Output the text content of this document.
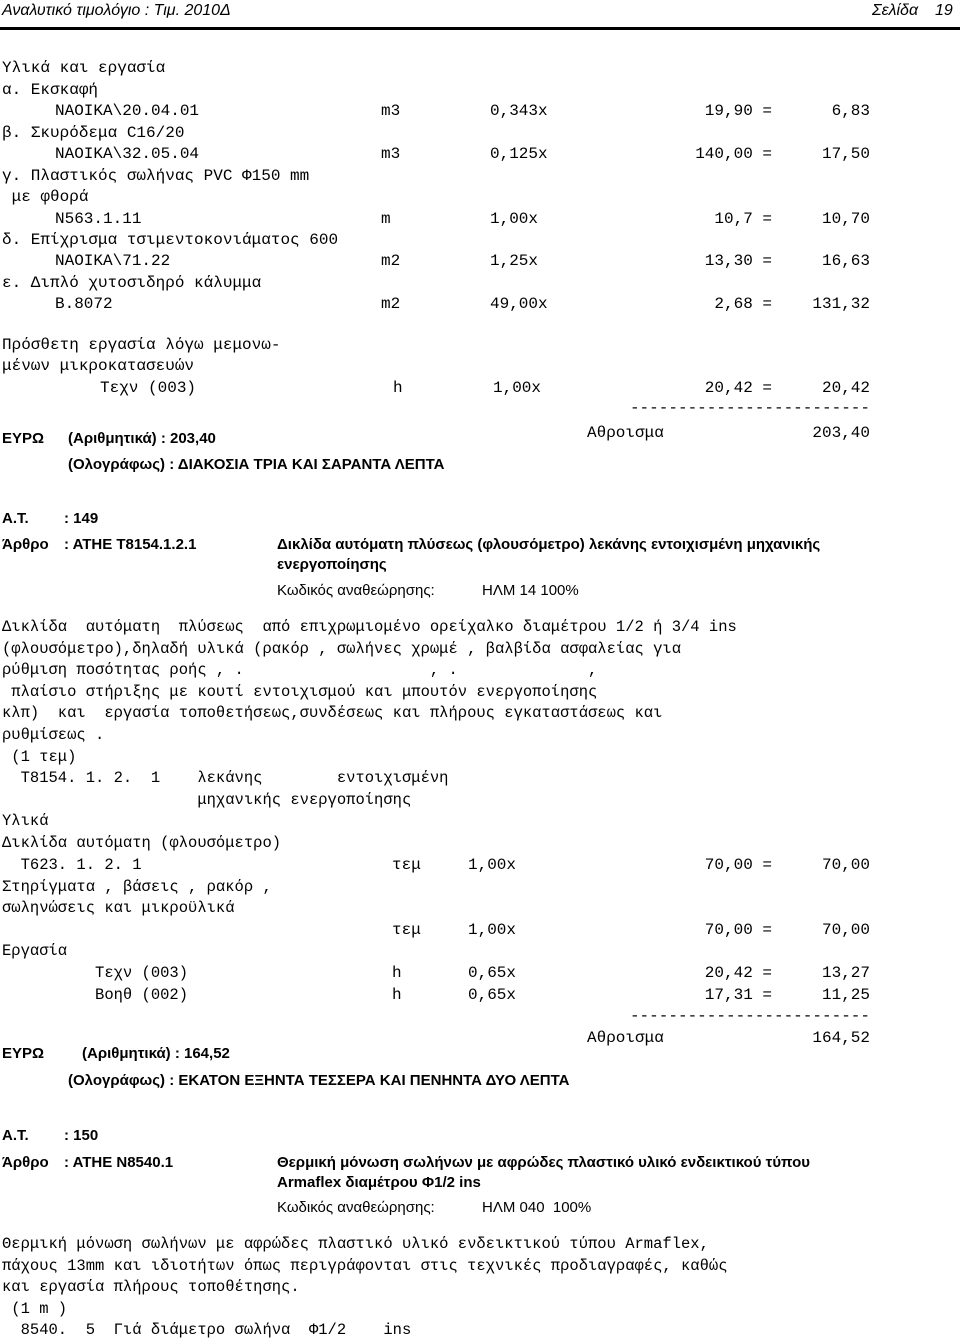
Αναλυτικό τιμολόγιο : Τιμ. 2010Δ	Σελίδα 19
Υλικά και εργασία
α. Εκσκαφή
ΝΑΟΙΚΑ\20.04.01	m3	0,343x	19,90 =	6,83
β. Σκυρόδεμα C16/20
ΝΑΟΙΚΑ\32.05.04	m3	0,125x	140,00 =	17,50
γ. Πλαστικός σωλήνας PVC Φ150 mm
με φθορά
Ν563.1.11	m	1,00x	10,7 =	10,70
δ. Επίχρισμα τσιμεντοκονιάματος 600
ΝΑΟΙΚΑ\71.22	m2	1,25x	13,30 =	16,63
ε. Διπλό χυτοσιδηρό κάλυμμα
Β.8072	m2	49,00x	2,68 =	131,32
Πρόσθετη εργασία λόγω μεμονω-
μένων μικροκατασευών
Τεχν (003)	h	1,00x	20,42 =	20,42
-------------------------
Αθροισμα	203,40
ΕΥΡΩ (Αριθμητικά) : 203,40
(Ολογράφως) : ΔΙΑΚΟΣΙΑ ΤΡΙΑ ΚΑΙ ΣΑΡΑΝΤΑ ΛΕΠΤΑ
Α.Τ. : 149
Άρθρο : ΑΤΗΕ Τ8154.1.2.1	Δικλίδα αυτόματη πλύσεως (φλουσόμετρο) λεκάνης εντοιχισμένη μηχανικής
ενεργοποίησης
Κωδικός αναθεώρησης:	ΗΛΜ 14 100%
Δικλίδα  αυτόματη  πλύσεως  από επιχρωμιομένο ορείχαλκο διαμέτρου 1/2 ή 3/4 ins
(φλουσόμετρο),δηλαδή υλικά (ρακόρ , σωλήνες χρωμέ , βαλβίδα ασφαλείας για
ρύθμιση ποσότητας ροής , .                    , .              ,
πλαίσιο στήριξης με κουτί εντοιχισμού και μπουτόν ενεργοποίησης
κλπ)  και  εργασία τοποθετήσεως,συνδέσεως και πλήρους εγκαταστάσεως και
ρυθμίσεως .
(1 τεμ)
Τ8154. 1. 2.  1    λεκάνης        εντοιχισμένη
μηχανικής ενεργοποίησης
Υλικά
Δικλίδα αυτόματη (φλουσόμετρο)
Τ623. 1. 2. 1	τεμ	1,00x	70,00 =	70,00
Στηρίγματα , βάσεις , ρακόρ ,
σωληνώσεις και μικροϋλικά
τεμ	1,00x	70,00 =	70,00
Εργασία
Τεχν (003)	h	0,65x	20,42 =	13,27
Βοηθ (002)	h	0,65x	17,31 =	11,25
-------------------------
Αθροισμα	164,52
ΕΥΡΩ	(Αριθμητικά) : 164,52
(Ολογράφως) : ΕΚΑΤΟΝ ΕΞΗΝΤΑ ΤΕΣΣΕΡΑ ΚΑΙ ΠΕΝΗΝΤΑ ΔΥΟ ΛΕΠΤΑ
Α.Τ. : 150
Άρθρο : ΑΤΗΕ Ν8540.1	Θερμική μόνωση σωλήνων με αφρώδες πλαστικό υλικό ενδεικτικού τύπου
Armaflex διαμέτρου Φ1/2 ins
Κωδικός αναθεώρησης:	ΗΛΜ 040  100%
Θερμική μόνωση σωλήνων με αφρώδες πλαστικό υλικό ενδεικτικού τύπου Armaflex,
πάχους 13mm και ιδιοτήτων όπως περιγράφονται στις τεχνικές προδιαγραφές, καθώς
και εργασία πλήρους τοποθέτησης.
(1 m )
8540.  5  Γιά διάμετρο σωλήνα  Φ1/2    ins
